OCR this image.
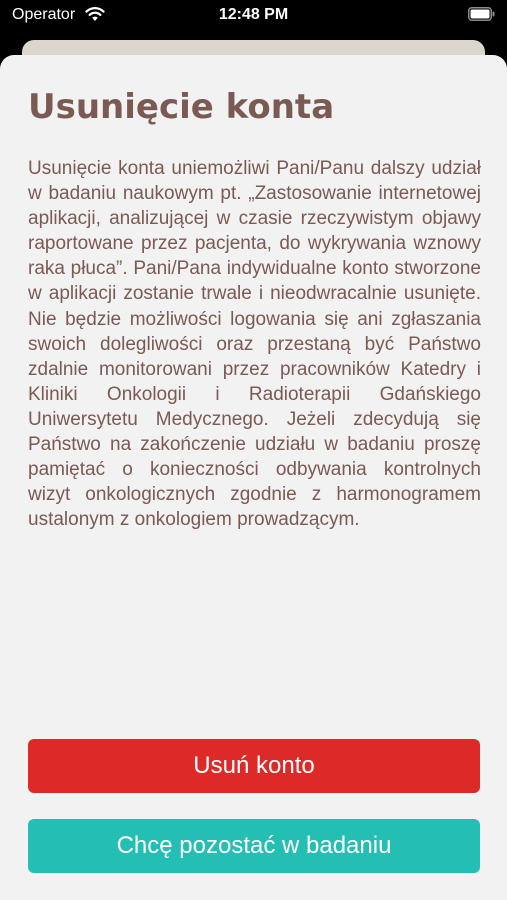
Operator	12:48 PM
Usunięcie konta

Usunięcie konta uniemożliwi Pani/Panu dalszy udział w badaniu naukowym pt. „Zastosowanie internetowej aplikacji, analizującej w czasie rzeczywistym objawy raportowane przez pacjenta, do wykrywania wznowy raka płuca”. Pani/Pana indywidualne konto stworzone w aplikacji zostanie trwale i nieodwracalnie usunięte. Nie będzie możliwości logowania się ani zgłaszania swoich dolegliwości oraz przestaną być Państwo zdalnie monitorowani przez pracowników Katedry i Kliniki Onkologii i Radioterapii Gdańskiego Uniwersytetu Medycznego. Jeżeli zdecydują się Państwo na zakończenie udziału w badaniu proszę pamiętać o konieczności odbywania kontrolnych wizyt onkologicznych zgodnie z harmonogramem ustalonym z onkologiem prowadzącym.

Usuń konto
Chcę pozostać w badaniu
